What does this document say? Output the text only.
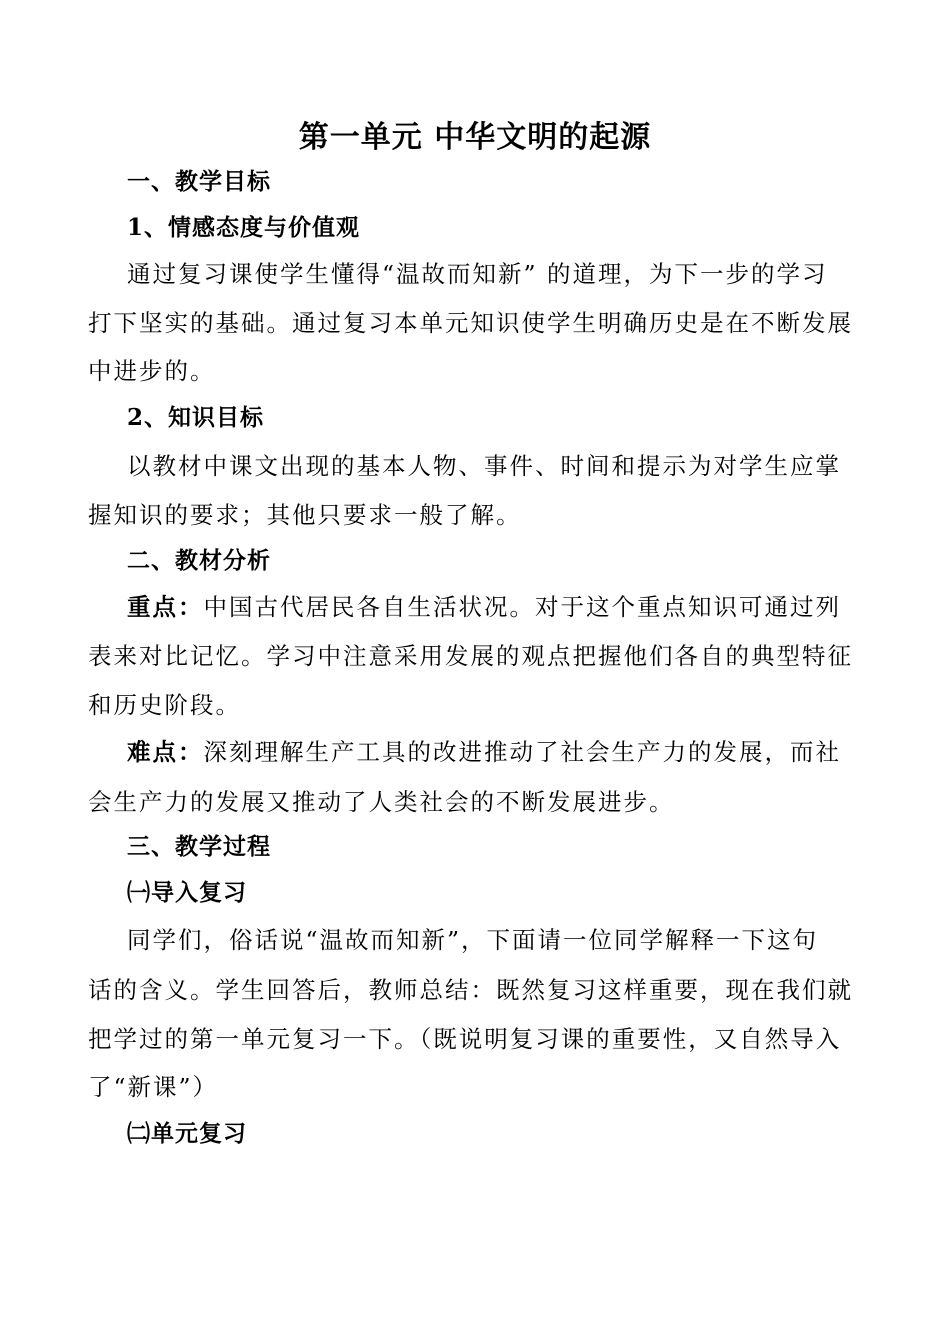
第一单元 中华文明的起源
一、教学目标
1、情感态度与价值观
通过复习课使学生懂得“温故而知新” 的道理，为下一步的学习
打下坚实的基础。通过复习本单元知识使学生明确历史是在不断发展
中进步的。
2、知识目标
以教材中课文出现的基本人物、事件、时间和提示为对学生应掌
握知识的要求；其他只要求一般了解。
二、教材分析
重点：中国古代居民各自生活状况。对于这个重点知识可通过列
表来对比记忆。学习中注意采用发展的观点把握他们各自的典型特征
和历史阶段。
难点：深刻理解生产工具的改进推动了社会生产力的发展，而社
会生产力的发展又推动了人类社会的不断发展进步。
三、教学过程
㈠导入复习
同学们，俗话说“温故而知新”，下面请一位同学解释一下这句
话的含义。学生回答后，教师总结：既然复习这样重要，现在我们就
把学过的第一单元复习一下。（既说明复习课的重要性，又自然导入
了“新课”）
㈡单元复习
